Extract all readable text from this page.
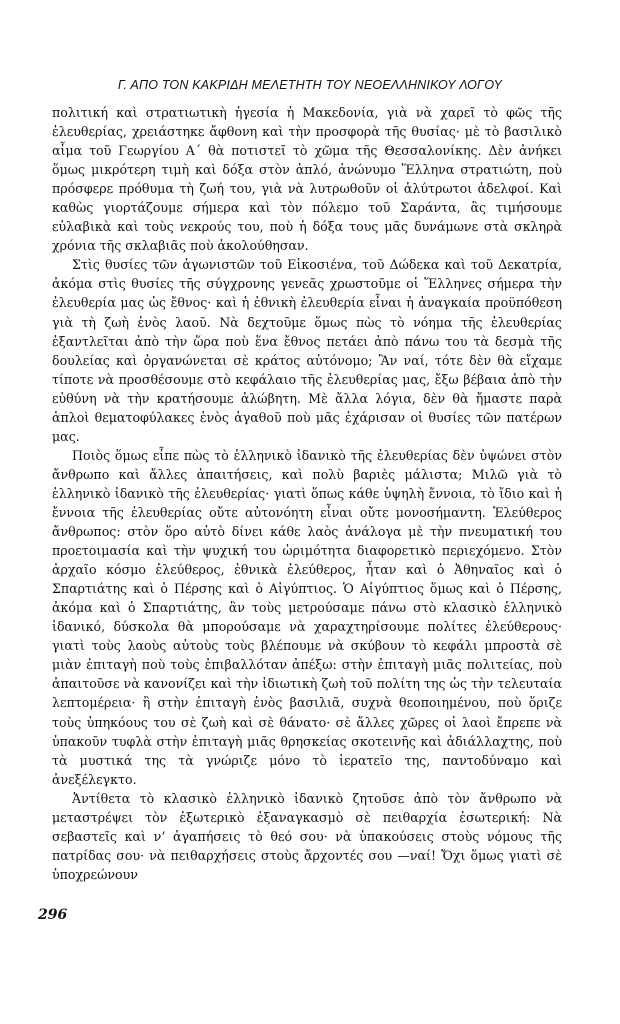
Γ. ΑΠΟ ΤΟΝ ΚΑΚΡΙΔΗ ΜΕΛΕΤΗΤΗ ΤΟΥ ΝΕΟΕΛΛΗΝΙΚΟΥ ΛΟΓΟΥ

πολιτική καὶ στρατιωτικὴ ἡγεσία ἡ Μακεδονία, γιὰ νὰ χαρεῖ τὸ φῶς τῆς ἐλευθερίας, χρειάστηκε ἄφθονη καὶ τὴν προσφορὰ τῆς θυσίας· μὲ τὸ βασιλικὸ αἷμα τοῦ Γεωργίου Α΄ θὰ ποτιστεῖ τὸ χῶμα τῆς Θεσσαλονίκης. Δὲν ἀνήκει ὅμως μικρότερη τιμὴ καὶ δόξα στὸν ἁπλό, ἀνώνυμο Ἕλληνα στρατιώτη, ποὺ πρόσφερε πρόθυμα τὴ ζωή του, γιὰ νὰ λυτρωθοῦν οἱ ἀλύτρωτοι ἀδελφοί. Καὶ καθὼς γιορτάζουμε σήμερα καὶ τὸν πόλεμο τοῦ Σαράντα, ἂς τιμήσουμε εὐλαβικὰ καὶ τοὺς νεκρούς του, ποὺ ἡ δόξα τους μᾶς δυνάμωνε στὰ σκληρὰ χρόνια τῆς σκλαβιᾶς ποὺ ἀκολούθησαν.

Στὶς θυσίες τῶν ἀγωνιστῶν τοῦ Εἰκοσιένα, τοῦ Δώδεκα καὶ τοῦ Δεκατρία, ἀκόμα στὶς θυσίες τῆς σύγχρονης γενεᾶς χρωστοῦμε οἱ Ἕλληνες σήμερα τὴν ἐλευθερία μας ὡς ἔθνος· καὶ ἡ ἐθνικὴ ἐλευθερία εἶναι ἡ ἀναγκαία προϋπόθεση γιὰ τὴ ζωὴ ἑνὸς λαοῦ. Νὰ δεχτοῦμε ὅμως πὼς τὸ νόημα τῆς ἐλευθερίας ἐξαντλεῖται ἀπὸ τὴν ὥρα ποὺ ἕνα ἔθνος πετάει ἀπὸ πάνω του τὰ δεσμὰ τῆς δουλείας καὶ ὀργανώνεται σὲ κράτος αὐτόνομο; Ἂν ναί, τότε δὲν θὰ εἴχαμε τίποτε νὰ προσθέσουμε στὸ κεφάλαιο τῆς ἐλευθερίας μας, ἔξω βέβαια ἀπὸ τὴν εὐθύνη νὰ τὴν κρατήσουμε ἀλώβητη. Μὲ ἄλλα λόγια, δὲν θὰ ἤμαστε παρὰ ἁπλοὶ θεματοφύλακες ἑνὸς ἀγαθοῦ ποὺ μᾶς ἐχάρισαν οἱ θυσίες τῶν πατέρων μας.

Ποιὸς ὅμως εἶπε πὼς τὸ ἑλληνικὸ ἰδανικὸ τῆς ἐλευθερίας δὲν ὑψώνει στὸν ἄνθρωπο καὶ ἄλλες ἀπαιτήσεις, καὶ πολὺ βαριὲς μάλιστα; Μιλῶ γιὰ τὸ ἑλληνικὸ ἰδανικὸ τῆς ἐλευθερίας· γιατὶ ὅπως κάθε ὑψηλὴ ἔννοια, τὸ ἴδιο καὶ ἡ ἔννοια τῆς ἐλευθερίας οὔτε αὐτονόητη εἶναι οὔτε μονοσήμαντη. Ἐλεύθερος ἄνθρωπος: στὸν ὅρο αὐτὸ δίνει κάθε λαὸς ἀνάλογα μὲ τὴν πνευματική του προετοιμασία καὶ τὴν ψυχική του ὡριμότητα διαφορετικὸ περιεχόμενο. Στὸν ἀρχαῖο κόσμο ἐλεύθερος, ἐθνικὰ ἐλεύθερος, ἦταν καὶ ὁ Ἀθηναῖος καὶ ὁ Σπαρτιάτης καὶ ὁ Πέρσης καὶ ὁ Αἰγύπτιος. Ὁ Αἰγύπτιος ὅμως καὶ ὁ Πέρσης, ἀκόμα καὶ ὁ Σπαρτιάτης, ἂν τοὺς μετρούσαμε πάνω στὸ κλασικὸ ἑλληνικὸ ἰδανικό, δύσκολα θὰ μπορούσαμε νὰ χαραχτηρίσουμε πολίτες ἐλεύθερους· γιατὶ τοὺς λαοὺς αὐτοὺς τοὺς βλέπουμε νὰ σκύβουν τὸ κεφάλι μπροστὰ σὲ μιὰν ἐπιταγὴ ποὺ τοὺς ἐπιβαλλόταν ἀπέξω: στὴν ἐπιταγὴ μιᾶς πολιτείας, ποὺ ἀπαιτοῦσε νὰ κανονίζει καὶ τὴν ἰδιωτικὴ ζωὴ τοῦ πολίτη της ὡς τὴν τελευταία λεπτομέρεια· ἢ στὴν ἐπιταγὴ ἑνὸς βασιλιᾶ, συχνὰ θεοποιημένου, ποὺ ὅριζε τοὺς ὑπηκόους του σὲ ζωὴ καὶ σὲ θάνατο· σὲ ἄλλες χῶρες οἱ λαοὶ ἔπρεπε νὰ ὑπακοῦν τυφλὰ στὴν ἐπιταγὴ μιᾶς θρησκείας σκοτεινῆς καὶ ἀδιάλλαχτης, ποὺ τὰ μυστικά της τὰ γνώριζε μόνο τὸ ἱερατεῖο της, παντοδύναμο καὶ ἀνεξέλεγκτο.

Ἀντίθετα τὸ κλασικὸ ἑλληνικὸ ἰδανικὸ ζητοῦσε ἀπὸ τὸν ἄνθρωπο νὰ μεταστρέψει τὸν ἐξωτερικὸ ἐξαναγκασμὸ σὲ πειθαρχία ἐσωτερική: Νὰ σεβαστεῖς καὶ ν’ ἀγαπήσεις τὸ θεό σου· νὰ ὑπακούσεις στοὺς νόμους τῆς πατρίδας σου· νὰ πειθαρχήσεις στοὺς ἄρχοντές σου —ναί! Ὄχι ὅμως γιατὶ σὲ ὑποχρεώνουν

296
